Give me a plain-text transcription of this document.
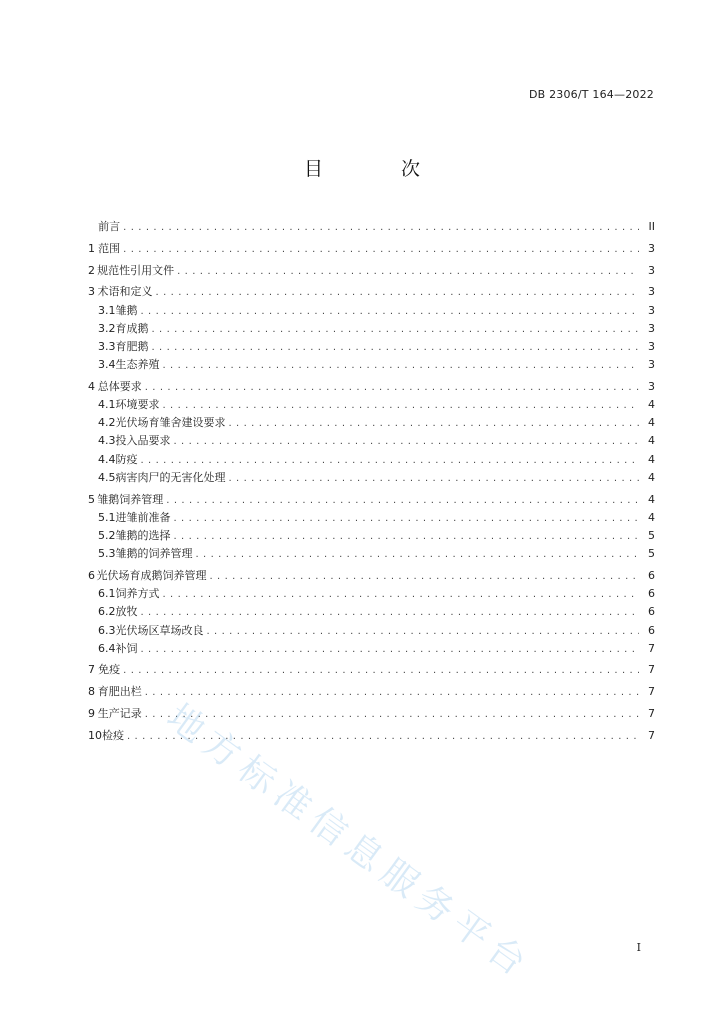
DB 2306/T 164—2022
目 次
前言 . . .	II
1 范围 . . .	3
2 规范性引用文件 . . .	3
3 术语和定义 . . .	3
3.1 雏鹅 . . .	3
3.2 育成鹅 . . .	3
3.3 育肥鹅 . . .	3
3.4 生态养殖 . . .	3
4 总体要求 . . .	3
4.1 环境要求 . . .	4
4.2 光伏场育雏舍建设要求 . . .	4
4.3 投入品要求 . . .	4
4.4 防疫 . . .	4
4.5 病害肉尸的无害化处理 . . .	4
5 雏鹅饲养管理 . . .	4
5.1 进雏前准备 . . .	4
5.2 雏鹅的选择 . . .	5
5.3 雏鹅的饲养管理 . . .	5
6 光伏场育成鹅饲养管理 . . .	6
6.1 饲养方式 . . .	6
6.2 放牧 . . .	6
6.3 光伏场区草场改良 . . .	6
6.4 补饲 . . .	7
7 免疫 . . .	7
8 育肥出栏 . . .	7
9 生产记录 . . .	7
10 检疫 . . .	7
地方标准信息服务平台	I
